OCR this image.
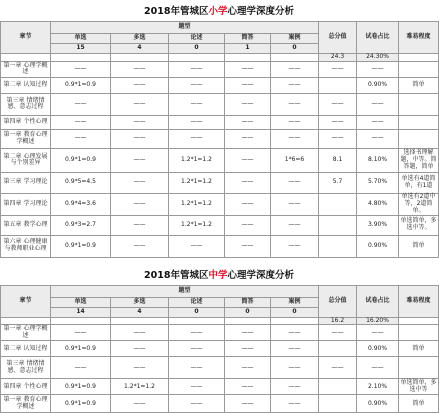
2018年管城区小学心理学深度分析
章节	题型					总分值	试卷占比	难易程度
	单选	多选	论述	简答	案例			
	15	4	0	1	0			
						24.3	24.30%	
第一章 心理学概述	——	——	——	——	——	——	——	
第二章 认知过程	0.9*1=0.9	——	——	——	——		0.90%	简单
第三章 情绪情感、意志过程	——	——	——	——	——	——	——	
第四章 个性心理	——	——	——	——	——	——	——	
第一章 教育心理学概述	——	——	——	——	——	——	——	
第二章 心理发展与个别差异	0.9*1=0.9	——	1.2*1=1.2	——	1*6=6	8.1	8.10%	选择书理解题，中等。简答题，简单
第三章 学习理论	0.9*5=4.5	——	1.2*1=1.2	——	——	5.7	5.70%	单选有4道简单，有1道
第四章 学习理论	0.9*4=3.6	——	1.2*1=1.2	——	——		4.80%	单选有2道中等，2道简单。
第五章 教学心理	0.9*3=2.7	——	1.2*1=1.2	——	——		3.90%	单选简单，多选中等。
第六章 心理健康与教师职业心理	0.9*1=0.9	——	——	——	——		0.90%	简单
2018年管城区中学心理学深度分析
章节	题型					总分值	试卷占比	难易程度
	单选	多选	论述	简答	案例			
	14	4	0	0	0			
						16.2	16.20%	
第一章 心理学概述	——	——	——	——	——	——	——	
第二章 认知过程	0.9*1=0.9	——	——	——	——		0.90%	简单
第三章 情绪情感、意志过程	——	——	——	——	——	——	——	
第四章 个性心理	0.9*1=0.9	1.2*1=1.2	——	——	——		2.10%	单选简单，多选中等
第一章 教育心理学概述	0.9*1=0.9	——	——	——	——		0.90%	简单
